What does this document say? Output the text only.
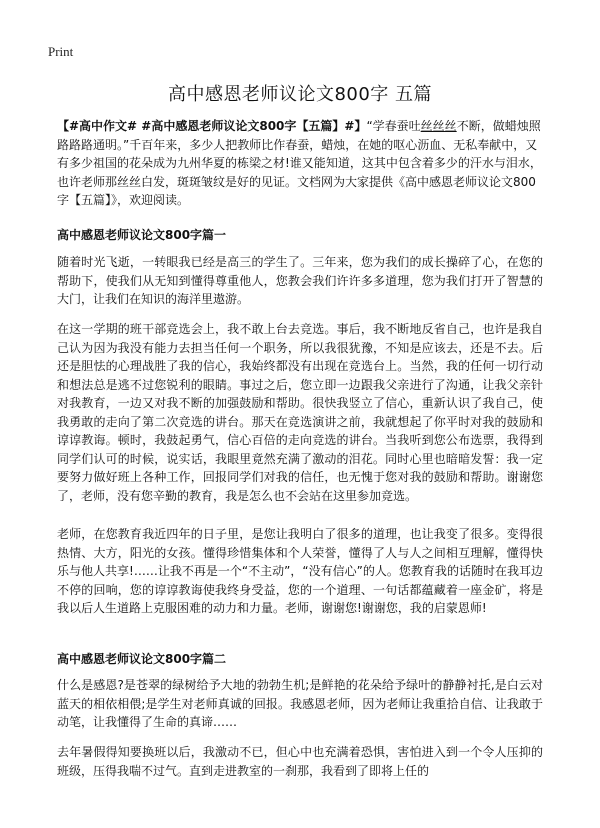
Print
高中感恩老师议论文800字 五篇
【#高中作文# #高中感恩老师议论文800字【五篇】#】“学春蚕吐丝丝丝不断，做蜡烛照路路路通明。”千百年来，多少人把教师比作春蚕，蜡烛，在她的呕心沥血、无私奉献中，又有多少祖国的花朵成为九州华夏的栋梁之材!谁又能知道，这其中包含着多少的汗水与泪水，也许老师那丝丝白发，斑斑皱纹是好的见证。文档网为大家提供《高中感恩老师议论文800字【五篇】》，欢迎阅读。
高中感恩老师议论文800字篇一
随着时光飞逝，一转眼我已经是高三的学生了。三年来，您为我们的成长操碎了心，在您的帮助下，使我们从无知到懂得尊重他人，您教会我们许许多多道理，您为我们打开了智慧的大门，让我们在知识的海洋里遨游。
在这一学期的班干部竞选会上，我不敢上台去竞选。事后，我不断地反省自己，也许是我自己认为因为我没有能力去担当任何一个职务，所以我很犹豫，不知是应该去，还是不去。后还是胆怯的心理战胜了我的信心，我始终都没有出现在竞选台上。当然，我的任何一切行动和想法总是逃不过您锐利的眼睛。事过之后，您立即一边跟我父亲进行了沟通，让我父亲针对我教育，一边又对我不断的加强鼓励和帮助。很快我竖立了信心，重新认识了我自己，使我勇敢的走向了第二次竞选的讲台。那天在竞选演讲之前，我就想起了你平时对我的鼓励和谆谆教诲。顿时，我鼓起勇气，信心百倍的走向竞选的讲台。当我听到您公布选票，我得到同学们认可的时候，说实话，我眼里竟然充满了激动的泪花。同时心里也暗暗发誓：我一定要努力做好班上各种工作，回报同学们对我的信任，也无愧于您对我的鼓励和帮助。谢谢您了，老师，没有您辛勤的教育，我是怎么也不会站在这里参加竞选。
老师，在您教育我近四年的日子里，是您让我明白了很多的道理，也让我变了很多。变得很热情、大方，阳光的女孩。懂得珍惜集体和个人荣誉，懂得了人与人之间相互理解，懂得快乐与他人共享!……让我不再是一个“不主动”，“没有信心”的人。您教育我的话随时在我耳边不停的回响，您的谆谆教诲使我终身受益，您的一个道理、一句话都蕴藏着一座金矿，将是我以后人生道路上克服困难的动力和力量。老师，谢谢您!谢谢您，我的启蒙恩师!
高中感恩老师议论文800字篇二
什么是感恩?是苍翠的绿树给予大地的勃勃生机;是鲜艳的花朵给予绿叶的静静衬托,是白云对蓝天的相依相偎;是学生对老师真诚的回报。我感恩老师，因为老师让我重拾自信、让我敢于动笔，让我懂得了生命的真谛……
去年暑假得知要换班以后，我激动不已，但心中也充满着恐惧，害怕进入到一个令人压抑的班级，压得我喘不过气。直到走进教室的一刹那，我看到了即将上任的
